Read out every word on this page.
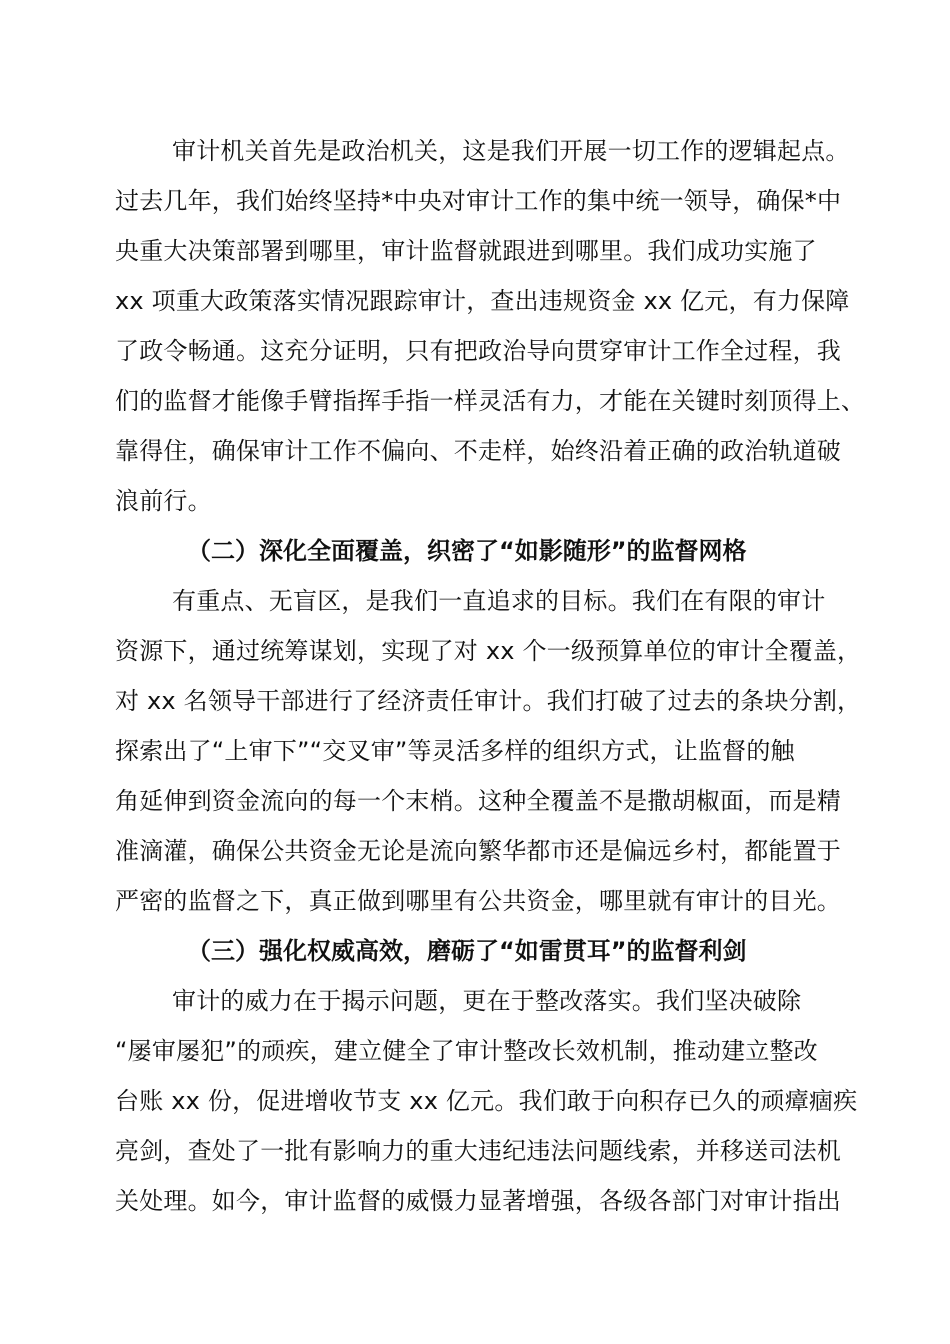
审计机关首先是政治机关，这是我们开展一切工作的逻辑起点。
过去几年，我们始终坚持*中央对审计工作的集中统一领导，确保*中
央重大决策部署到哪里，审计监督就跟进到哪里。我们成功实施了
xx 项重大政策落实情况跟踪审计，查出违规资金 xx 亿元，有力保障
了政令畅通。这充分证明，只有把政治导向贯穿审计工作全过程，我
们的监督才能像手臂指挥手指一样灵活有力，才能在关键时刻顶得上、
靠得住，确保审计工作不偏向、不走样，始终沿着正确的政治轨道破
浪前行。
（二）深化全面覆盖，织密了“如影随形”的监督网格
有重点、无盲区，是我们一直追求的目标。我们在有限的审计
资源下，通过统筹谋划，实现了对 xx 个一级预算单位的审计全覆盖，
对 xx 名领导干部进行了经济责任审计。我们打破了过去的条块分割，
探索出了“上审下”“交叉审”等灵活多样的组织方式，让监督的触
角延伸到资金流向的每一个末梢。这种全覆盖不是撒胡椒面，而是精
准滴灌，确保公共资金无论是流向繁华都市还是偏远乡村，都能置于
严密的监督之下，真正做到哪里有公共资金，哪里就有审计的目光。
（三）强化权威高效，磨砺了“如雷贯耳”的监督利剑
审计的威力在于揭示问题，更在于整改落实。我们坚决破除
“屡审屡犯”的顽疾，建立健全了审计整改长效机制，推动建立整改
台账 xx 份，促进增收节支 xx 亿元。我们敢于向积存已久的顽瘴痼疾
亮剑，查处了一批有影响力的重大违纪违法问题线索，并移送司法机
关处理。如今，审计监督的威慑力显著增强，各级各部门对审计指出
